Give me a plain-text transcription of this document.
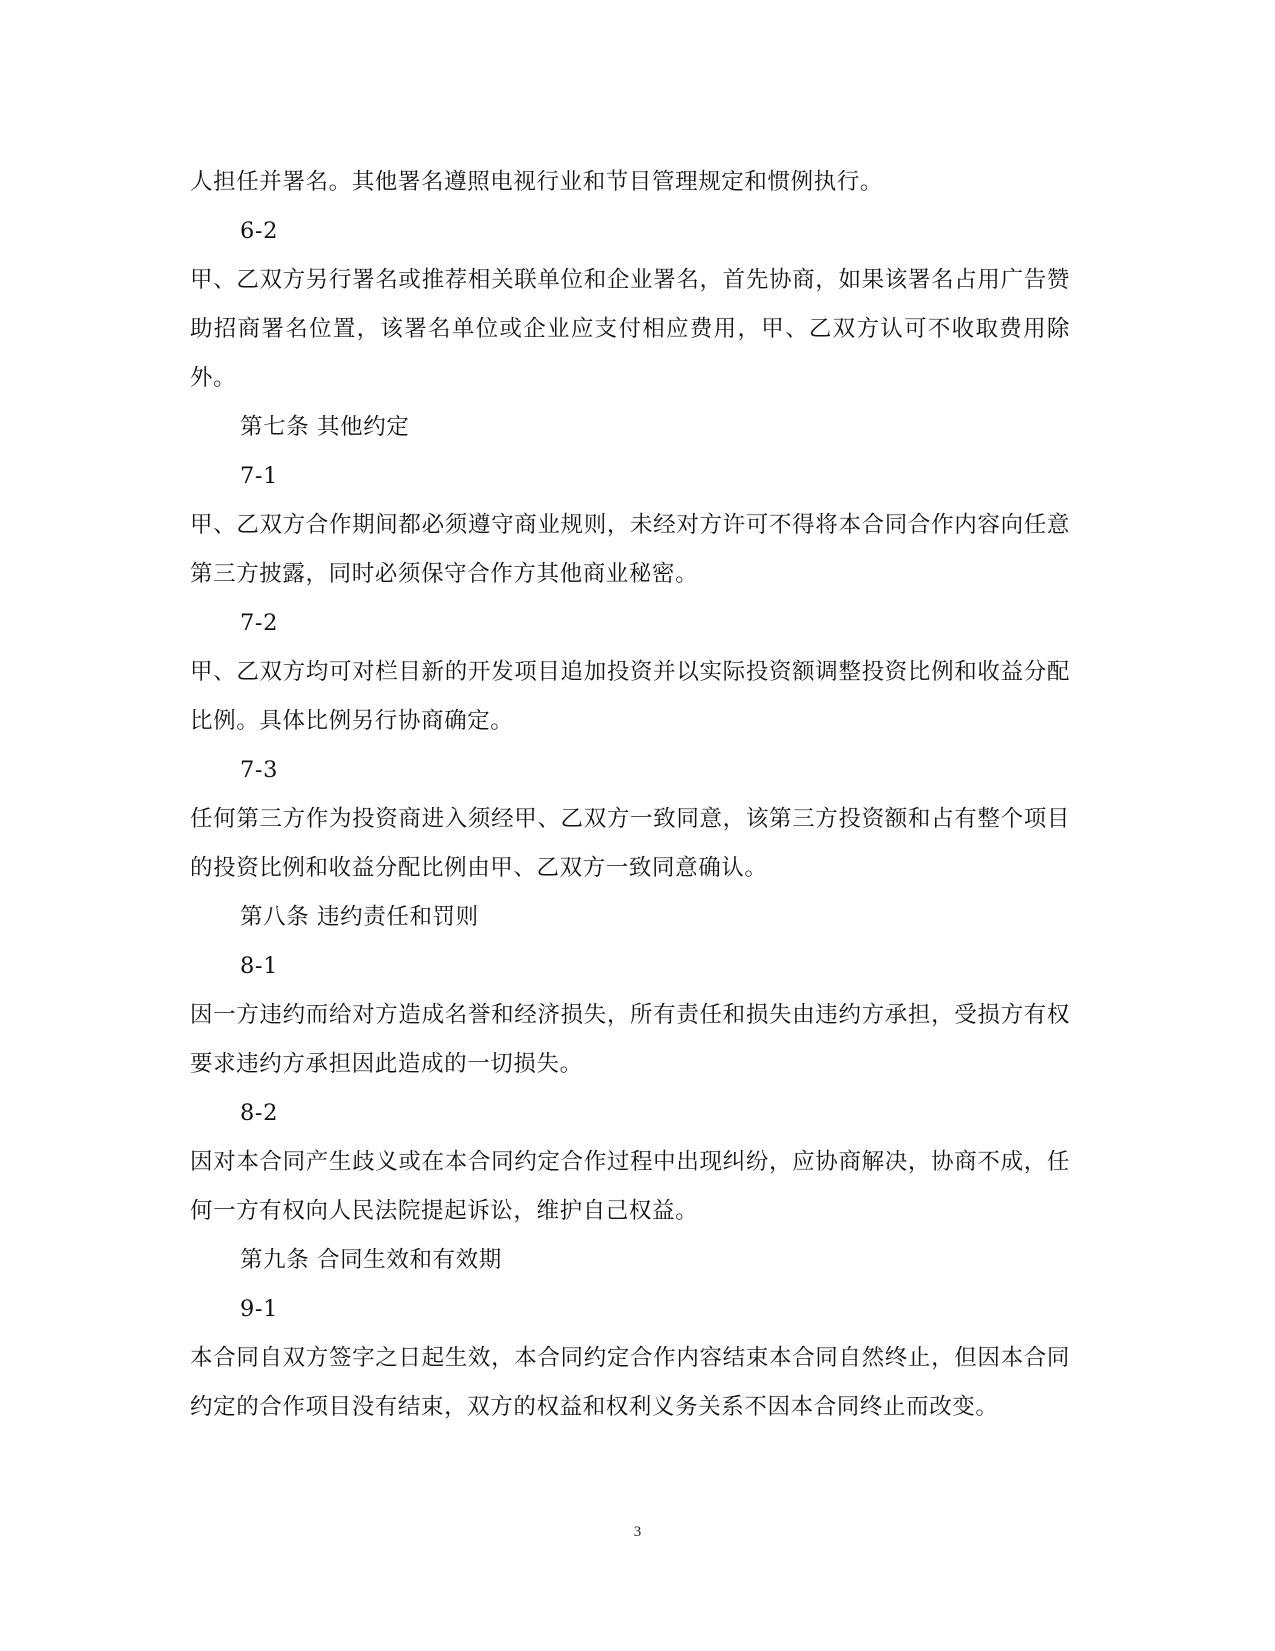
人担任并署名。其他署名遵照电视行业和节目管理规定和惯例执行。
6-2
甲、乙双方另行署名或推荐相关联单位和企业署名，首先协商，如果该署名占用广告赞助招商署名位置，该署名单位或企业应支付相应费用，甲、乙双方认可不收取费用除外。
第七条 其他约定
7-1
甲、乙双方合作期间都必须遵守商业规则，未经对方许可不得将本合同合作内容向任意第三方披露，同时必须保守合作方其他商业秘密。
7-2
甲、乙双方均可对栏目新的开发项目追加投资并以实际投资额调整投资比例和收益分配比例。具体比例另行协商确定。
7-3
任何第三方作为投资商进入须经甲、乙双方一致同意，该第三方投资额和占有整个项目的投资比例和收益分配比例由甲、乙双方一致同意确认。
第八条 违约责任和罚则
8-1
因一方违约而给对方造成名誉和经济损失，所有责任和损失由违约方承担，受损方有权要求违约方承担因此造成的一切损失。
8-2
因对本合同产生歧义或在本合同约定合作过程中出现纠纷，应协商解决，协商不成，任何一方有权向人民法院提起诉讼，维护自己权益。
第九条 合同生效和有效期
9-1
本合同自双方签字之日起生效，本合同约定合作内容结束本合同自然终止，但因本合同约定的合作项目没有结束，双方的权益和权利义务关系不因本合同终止而改变。
3
